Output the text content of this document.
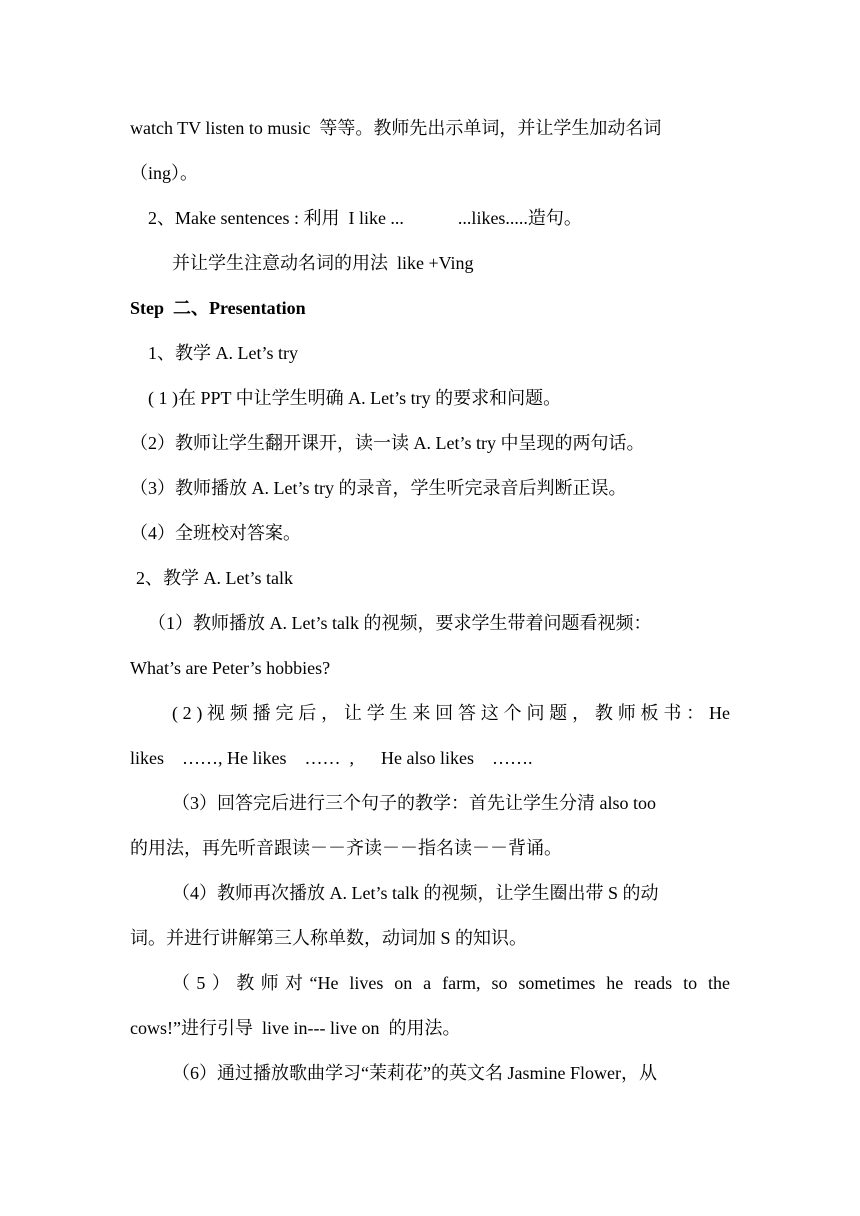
watch TV listen to music  等等。教师先出示单词，并让学生加动名词
（ing）。
2、Make sentences : 利用  I like ...            ...likes.....造句。
并让学生注意动名词的用法  like +Ving
Step  二、Presentation
1、教学 A. Let’s try
( 1 )在 PPT 中让学生明确 A. Let’s try 的要求和问题。
（2）教师让学生翻开课开，读一读 A. Let’s try 中呈现的两句话。
（3）教师播放 A. Let’s try 的录音，学生听完录音后判断正误。
（4）全班校对答案。
2、教学 A. Let’s talk
（1）教师播放 A. Let’s talk 的视频，要求学生带着问题看视频：
What’s are Peter’s hobbies?
( 2 ) 视 频 播 完 后 ， 让 学 生 来 回 答 这 个 问 题 ， 教 师 板 书 ： He
likes    ……, He likes    ……  ,      He also likes    …….
（3）回答完后进行三个句子的教学：首先让学生分清 also too
的用法，再先听音跟读－－齐读－－指名读－－背诵。
（4）教师再次播放 A. Let’s talk 的视频，让学生圈出带 S 的动
词。并进行讲解第三人称单数，动词加 S 的知识。
（5）教师对“He lives on a farm, so sometimes he reads to the
cows!”进行引导  live in--- live on  的用法。
（6）通过播放歌曲学习“茉莉花”的英文名 Jasmine Flower，从
